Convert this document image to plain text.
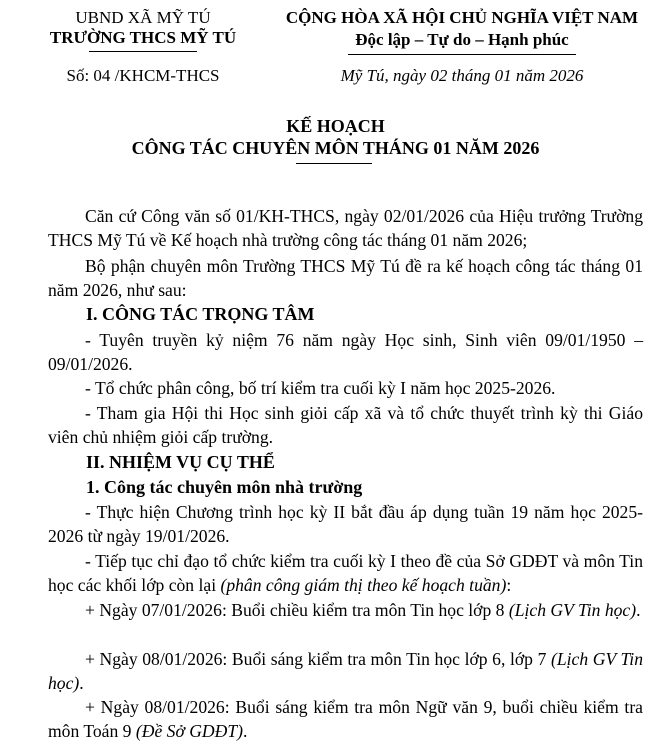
UBND XÃ MỸ TÚ
TRƯỜNG THCS MỸ TÚ
Số: 04 /KHCM-THCS
CỘNG HÒA XÃ HỘI CHỦ NGHĨA VIỆT NAM
Độc lập – Tự do – Hạnh phúc
Mỹ Tú, ngày 02 tháng 01 năm 2026
KẾ HOẠCH
CÔNG TÁC CHUYÊN MÔN THÁNG 01 NĂM 2026
Căn cứ Công văn số 01/KH-THCS, ngày 02/01/2026 của Hiệu trưởng Trường THCS Mỹ Tú về Kế hoạch nhà trường công tác tháng 01 năm 2026;
Bộ phận chuyên môn Trường THCS Mỹ Tú đề ra kế hoạch công tác tháng 01 năm 2026, như sau:
I. CÔNG TÁC TRỌNG TÂM
- Tuyên truyền kỷ niệm 76 năm ngày Học sinh, Sinh viên 09/01/1950 – 09/01/2026.
- Tổ chức phân công, bố trí kiểm tra cuối kỳ I năm học 2025-2026.
- Tham gia Hội thi Học sinh giỏi cấp xã và tổ chức thuyết trình kỳ thi Giáo viên chủ nhiệm giỏi cấp trường.
II. NHIỆM VỤ CỤ THỂ
1. Công tác chuyên môn nhà trường
- Thực hiện Chương trình học kỳ II bắt đầu áp dụng tuần 19 năm học 2025-2026 từ ngày 19/01/2026.
- Tiếp tục chỉ đạo tổ chức kiểm tra cuối kỳ I theo đề của Sở GDĐT và môn Tin học các khối lớp còn lại (phân công giám thị theo kế hoạch tuần):
+ Ngày 07/01/2026: Buổi chiều kiểm tra môn Tin học lớp 8 (Lịch GV Tin học).
+ Ngày 08/01/2026: Buổi sáng kiểm tra môn Tin học lớp 6, lớp 7 (Lịch GV Tin học).
+ Ngày 08/01/2026: Buổi sáng kiểm tra môn Ngữ văn 9, buổi chiều kiểm tra môn Toán 9 (Đề Sở GDĐT).
